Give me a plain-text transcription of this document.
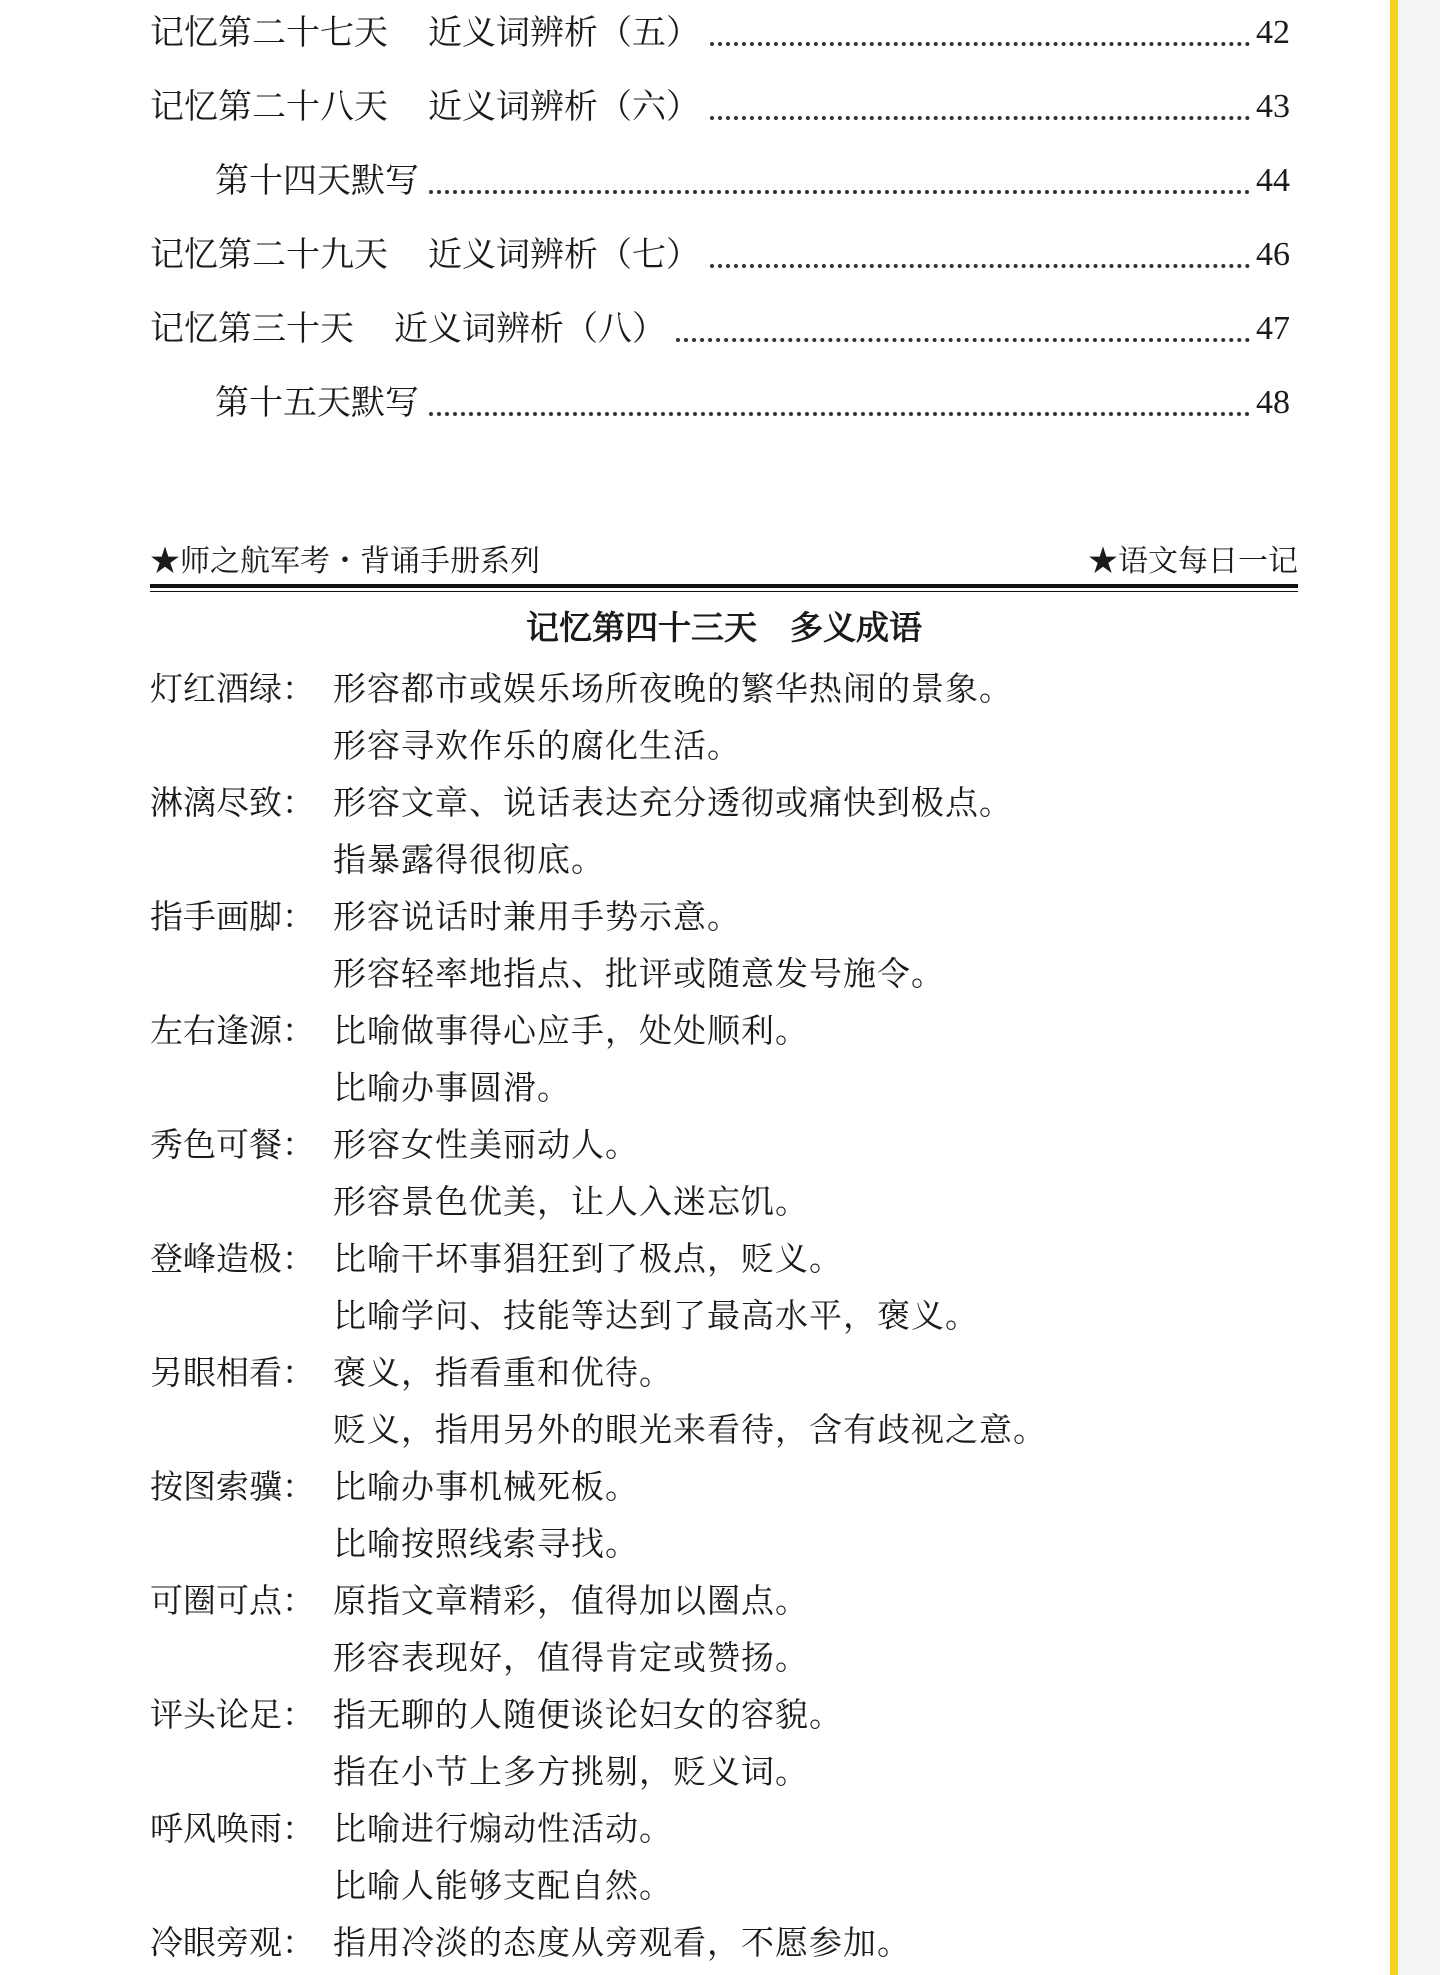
记忆第二十七天 近义词辨析（五）	42
记忆第二十八天 近义词辨析（六）	43
第十四天默写	44
记忆第二十九天 近义词辨析（七）	46
记忆第三十天 近义词辨析（八）	47
第十五天默写	48
★师之航军考・背诵手册系列	★语文每日一记
记忆第四十三天　多义成语
灯红酒绿： 形容都市或娱乐场所夜晚的繁华热闹的景象。
形容寻欢作乐的腐化生活。
淋漓尽致： 形容文章、说话表达充分透彻或痛快到极点。
指暴露得很彻底。
指手画脚： 形容说话时兼用手势示意。
形容轻率地指点、批评或随意发号施令。
左右逢源： 比喻做事得心应手，处处顺利。
比喻办事圆滑。
秀色可餐： 形容女性美丽动人。
形容景色优美，让人入迷忘饥。
登峰造极： 比喻干坏事猖狂到了极点，贬义。
比喻学问、技能等达到了最高水平，褒义。
另眼相看： 褒义，指看重和优待。
贬义，指用另外的眼光来看待，含有歧视之意。
按图索骥： 比喻办事机械死板。
比喻按照线索寻找。
可圈可点： 原指文章精彩，值得加以圈点。
形容表现好，值得肯定或赞扬。
评头论足： 指无聊的人随便谈论妇女的容貌。
指在小节上多方挑剔，贬义词。
呼风唤雨： 比喻进行煽动性活动。
比喻人能够支配自然。
冷眼旁观： 指用冷淡的态度从旁观看，不愿参加。
